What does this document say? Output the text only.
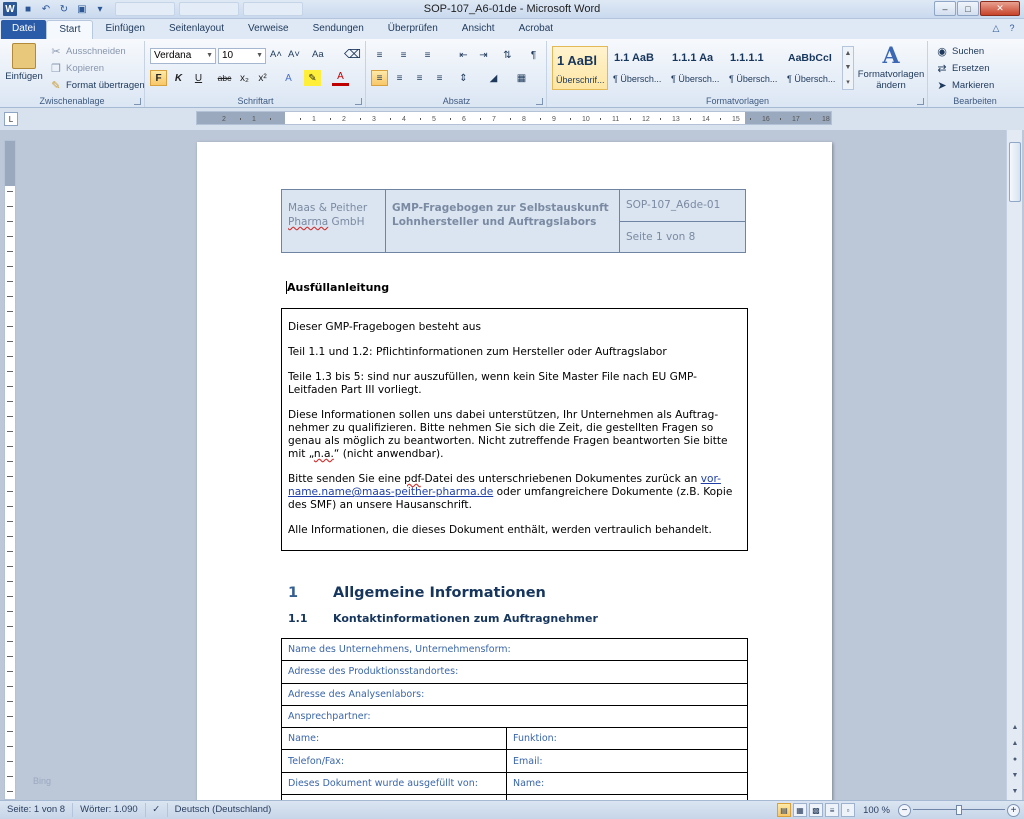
W	■	↶ ↻ ▣	▾	SOP-107_A6-01de - Microsoft Word	–	□	✕
Datei	Start	Einfügen	Seitenlayout	Verweise	Sendungen	Überprüfen	Ansicht	Acrobat	△	?
Einfügen
✂ Ausschneiden
❐ Kopieren
✎ Format übertragen
Zwischenablage
Verdana ▼ 10	▼ A˄ A˅ Aa ⌫
F	K	U	abc x₂ x²	A	✎	A
Schriftart
≡	≡	≡	⇤	⇥	⇅	¶
≡	≡	≡	≡	⇕	◢	▦
Absatz
1 AaBl
Überschrif...
1.1 AaB
¶ Übersch...
1.1.1 Aa
¶ Übersch...
1.1.1.1
¶ Übersch...
AaBbCcI
¶ Übersch...
▲
▼
▾
A
Formatvorlagen
ändern
Formatvorlagen
◉ Suchen
⇄ Ersetzen
➤ Markieren
Bearbeiten
L	2	1	1	2	3	4	5	6	7	8	9	10	11	12	13	14	15	16	17	18
▲
▲
●
▼
▼
Bing
Maas & Peither
Pharma GmbH

GMP-Fragebogen zur Selbstauskunft
Lohnhersteller und Auftragslabors
	SOP-107_A6de-01
Seite 1 von 8
Ausfüllanleitung

Dieser GMP-Fragebogen besteht aus

Teil 1.1 und 1.2: Pflichtinformationen zum Hersteller oder Auftragslabor

Teile 1.3 bis 5: sind nur auszufüllen, wenn kein Site Master File nach EU GMP-Leitfaden Part III vorliegt.

Diese Informationen sollen uns dabei unterstützen, Ihr Unternehmen als Auftrag-nehmer zu qualifizieren. Bitte nehmen Sie sich die Zeit, die gestellten Fragen so genau als möglich zu beantworten. Nicht zutreffende Fragen beantworten Sie bitte mit „n.a.“ (nicht anwendbar).

Bitte senden Sie eine pdf-Datei des unterschriebenen Dokumentes zurück an vor-name.name@maas-peither-pharma.de oder umfangreichere Dokumente (z.B. Kopie des SMF) an unsere Hausanschrift.

Alle Informationen, die dieses Dokument enthält, werden vertraulich behandelt.

1 Allgemeine Informationen
1.1 Kontaktinformationen zum Auftragnehmer
Name des Unternehmens, Unternehmensform:	
Adresse des Produktionsstandortes:	
Adresse des Analysenlabors:	
Ansprechpartner:	
Name:	Funktion:
Telefon/Fax:	Email:
Dieses Dokument wurde ausgefüllt von:	Name:

Seite: 1 von 8	Wörter: 1.090	✓	Deutsch (Deutschland)	▤	▦	▩	≡	▫	100 %	−	+
